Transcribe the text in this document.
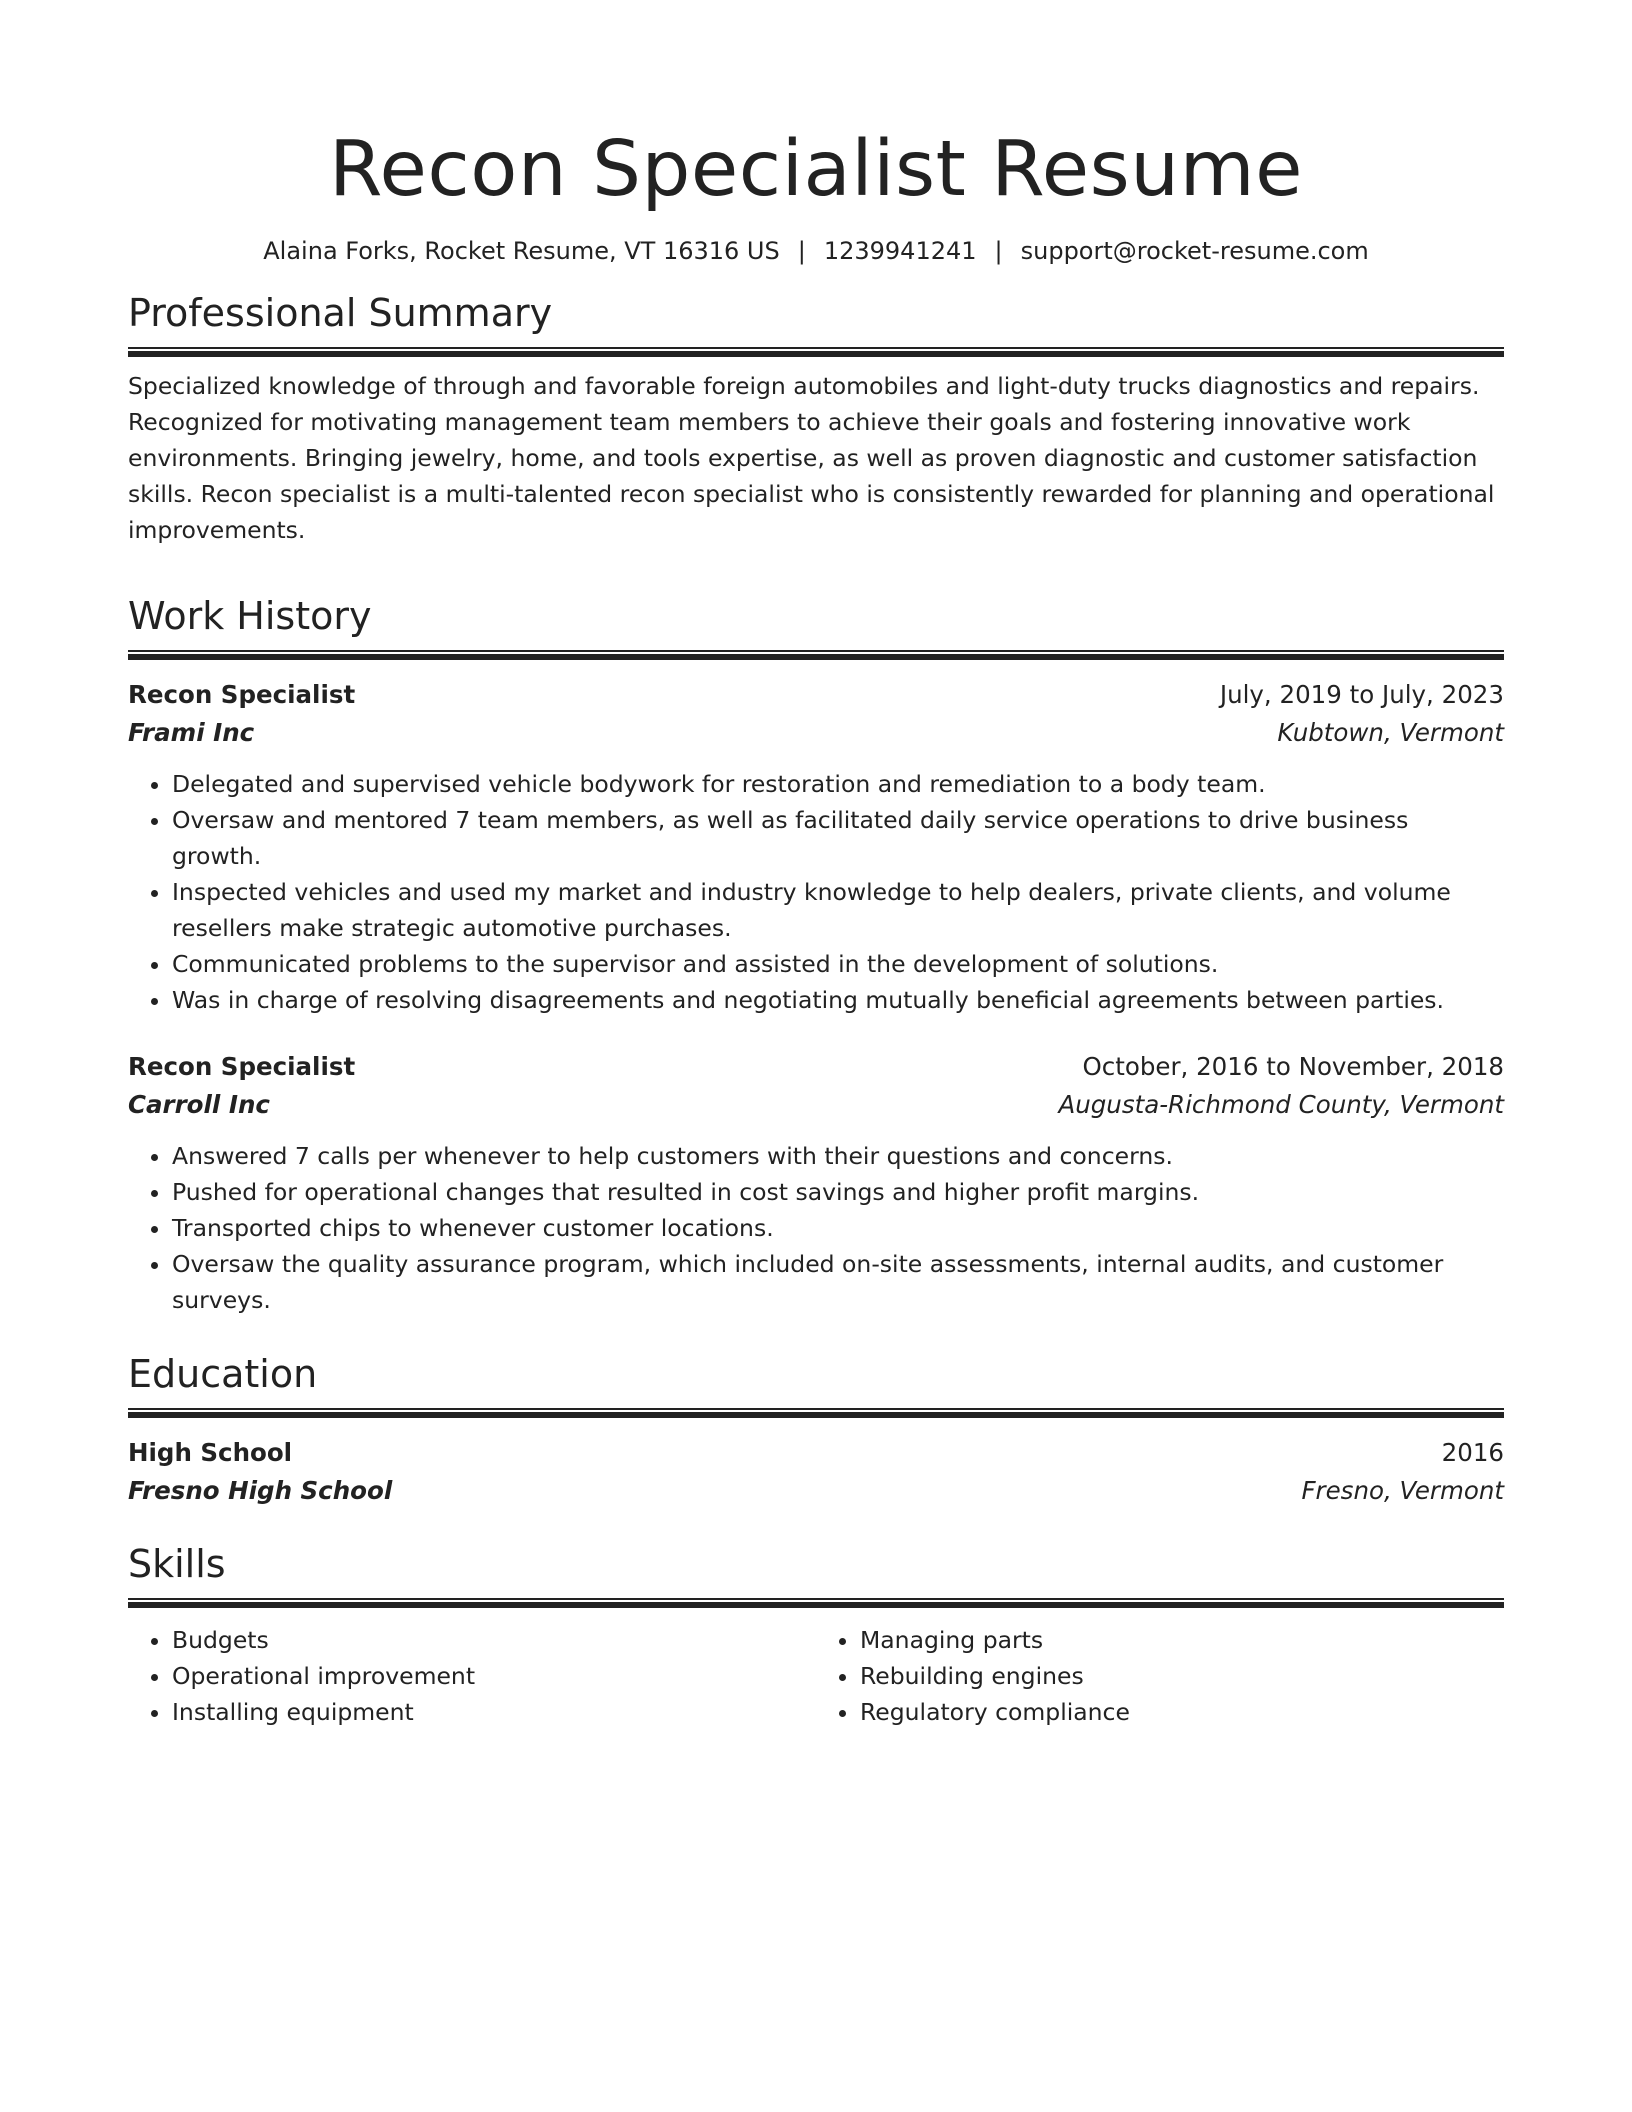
Recon Specialist Resume
Alaina Forks, Rocket Resume, VT 16316 US | 1239941241 | support@rocket-resume.com
Professional Summary
Specialized knowledge of through and favorable foreign automobiles and light-duty trucks diagnostics and repairs. Recognized for motivating management team members to achieve their goals and fostering innovative work environments. Bringing jewelry, home, and tools expertise, as well as proven diagnostic and customer satisfaction skills. Recon specialist is a multi-talented recon specialist who is consistently rewarded for planning and operational improvements.
Work History
Recon Specialist	July, 2019 to July, 2023
Frami Inc	Kubtown, Vermont
• Delegated and supervised vehicle bodywork for restoration and remediation to a body team.
• Oversaw and mentored 7 team members, as well as facilitated daily service operations to drive business growth.
• Inspected vehicles and used my market and industry knowledge to help dealers, private clients, and volume resellers make strategic automotive purchases.
• Communicated problems to the supervisor and assisted in the development of solutions.
• Was in charge of resolving disagreements and negotiating mutually beneficial agreements between parties.
Recon Specialist	October, 2016 to November, 2018
Carroll Inc	Augusta-Richmond County, Vermont
• Answered 7 calls per whenever to help customers with their questions and concerns.
• Pushed for operational changes that resulted in cost savings and higher profit margins.
• Transported chips to whenever customer locations.
• Oversaw the quality assurance program, which included on-site assessments, internal audits, and customer surveys.
Education
High School	2016
Fresno High School	Fresno, Vermont
Skills
• Budgets
• Operational improvement
• Installing equipment
• Managing parts
• Rebuilding engines
• Regulatory compliance
